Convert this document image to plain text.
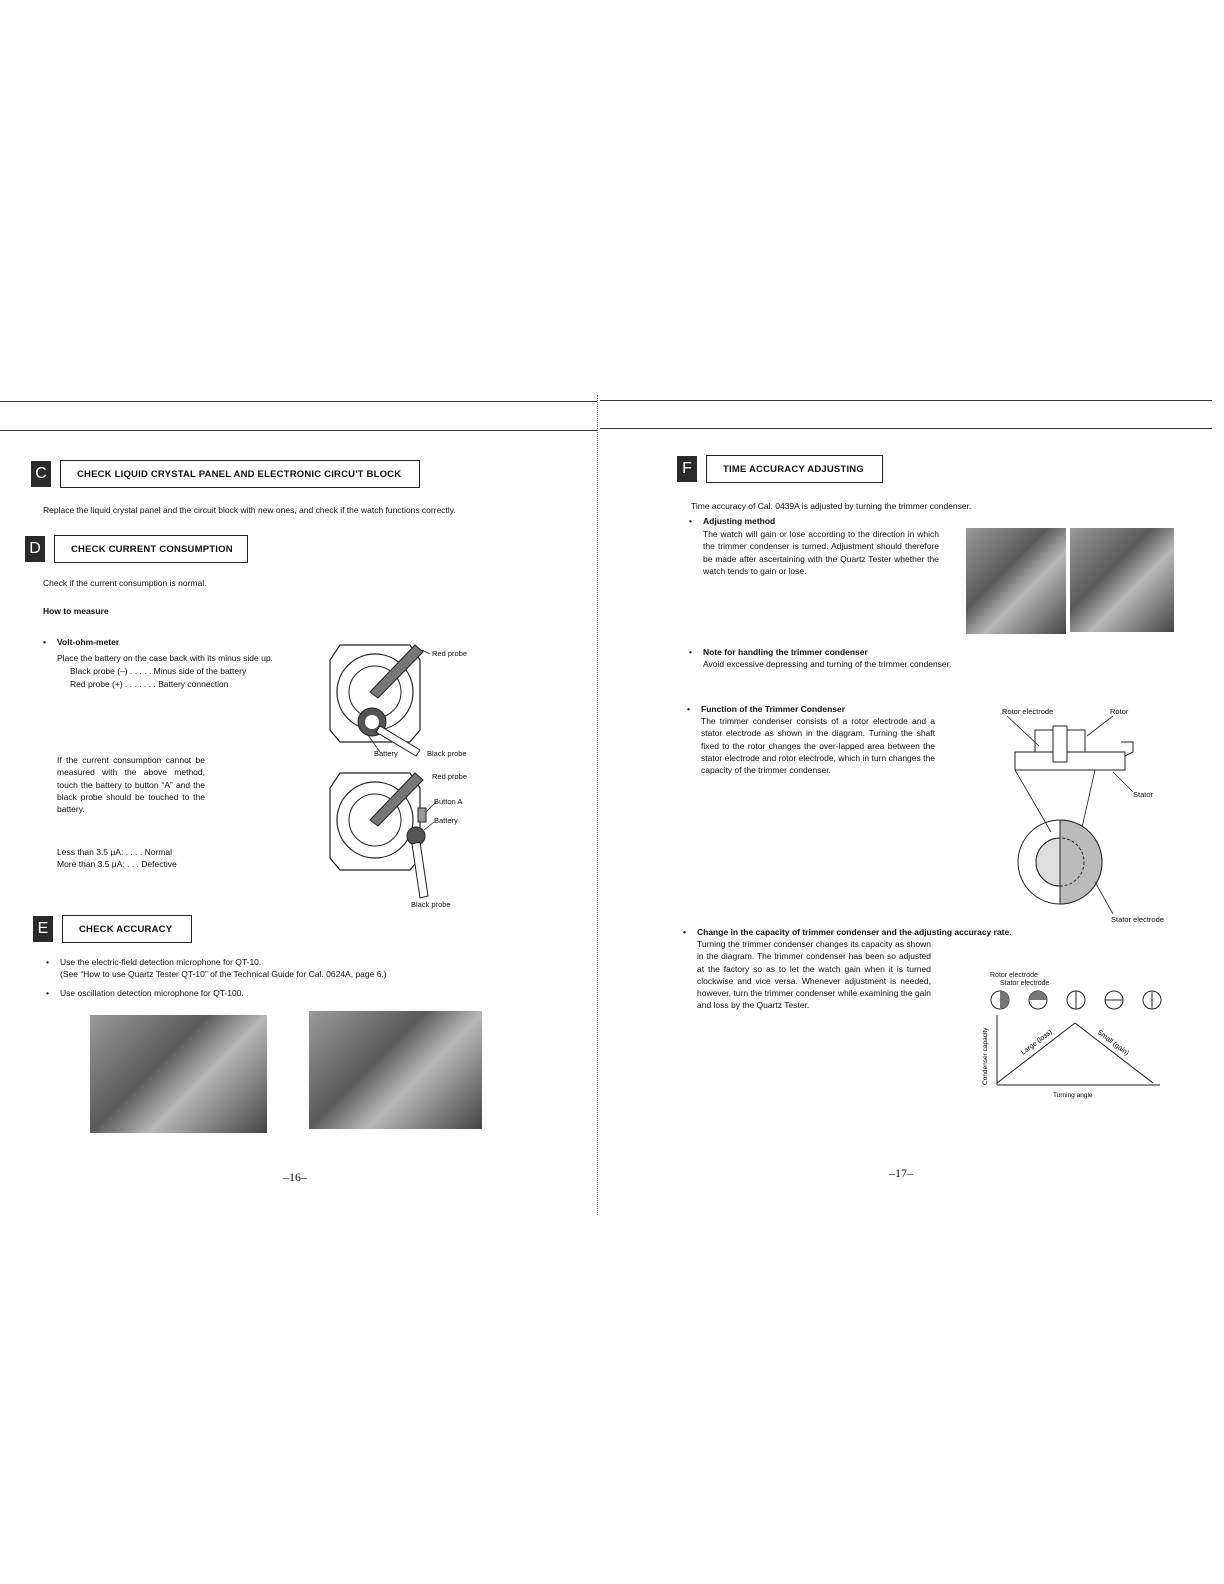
C	CHECK LIQUID CRYSTAL PANEL AND ELECTRONIC CIRCU'T BLOCK
Replace the liquid crystal panel and the circuit block with new ones, and check if the watch functions correctly.
D	CHECK CURRENT CONSUMPTION
Check if the current consumption is normal.
How to measure
• Volt-ohm-meter
Place the battery on the case back with its minus side up.
Black probe (–) . . . . . Minus side of the battery
Red probe (+) . . . . . . . Battery connection
If the current consumption cannot be measured with the above method, touch the battery to button “A” and the black probe should be touched to the battery.
Less than 3.5 μA: . . . . Normal
More than 3.5 μA: . . . Defective
Red probe
Battery	Black probe
Red probe
Button A
Battery
Black probe
E	CHECK ACCURACY
• Use the electric-field detection microphone for QT-10.
(See “How to use Quartz Tester QT-10” of the Technical Guide for Cal. 0624A, page 6.)
• Use oscillation detection microphone for QT-100.
–16–
F	TIME ACCURACY ADJUSTING
Time accuracy of Cal. 0439A is adjusted by turning the trimmer condenser.
• Adjusting method
The watch will gain or lose according to the direction in which the trimmer condenser is turned. Adjustment should therefore be made after ascertaining with the Quartz Tester whether the watch tends to gain or lose.
• Note for handling the trimmer condenser
Avoid excessive depressing and turning of the trimmer condenser.
• Function of the Trimmer Condenser
The trimmer condenser consists of a rotor electrode and a stator electrode as shown in the diagram. Turning the shaft fixed to the rotor changes the over-lapped area between the stator electrode and rotor electrode, which in turn changes the capacity of the trimmer condenser.
Rotor electrode	Rotor
Stator
Stator electrode
• Change in the capacity of trimmer condenser and the adjusting accuracy rate.
Turning the trimmer condenser changes its capacity as shown in the diagram. The trimmer condenser has been so adjusted at the factory so as to let the watch gain when it is turned clockwise and vice versa. Whenever adjustment is needed, however, turn the trimmer condenser while examining the gain and loss by the Quartz Tester.
Large (loss)	Small (gain)
Condenser capacity
Turning angle
Rotor electrode
Stator electrode
–17–
